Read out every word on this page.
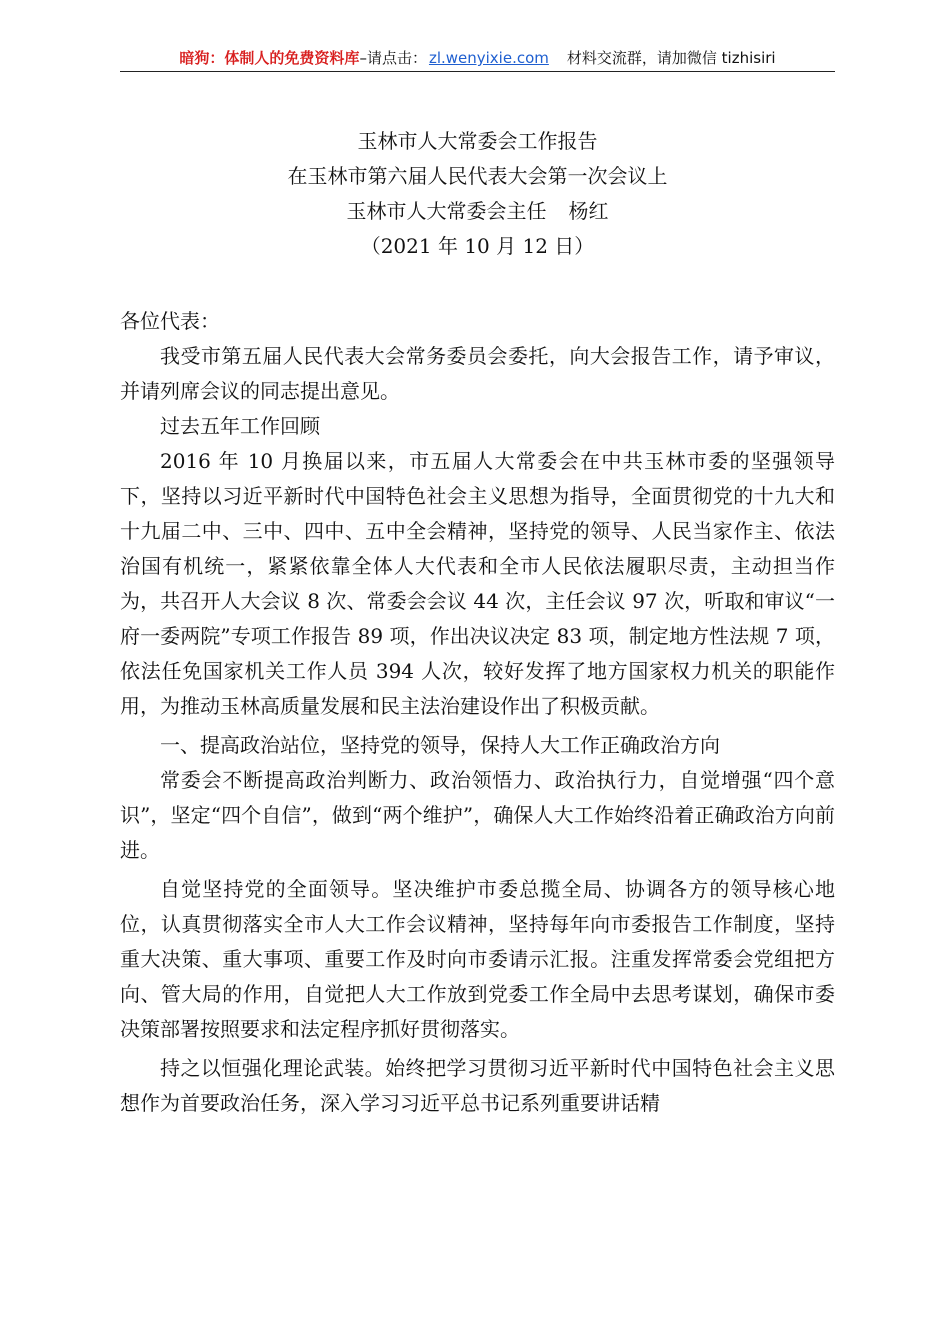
暗狗：体制人的免费资料库–请点击： zl.wenyixie.com 材料交流群，请加微信 tizhisiri
玉林市人大常委会工作报告
在玉林市第六届人民代表大会第一次会议上
玉林市人大常委会主任 杨红
（2021 年 10 月 12 日）

各位代表：

我受市第五届人民代表大会常务委员会委托，向大会报告工作，请予审议，并请列席会议的同志提出意见。

过去五年工作回顾

2016 年 10 月换届以来，市五届人大常委会在中共玉林市委的坚强领导下，坚持以习近平新时代中国特色社会主义思想为指导，全面贯彻党的十九大和十九届二中、三中、四中、五中全会精神，坚持党的领导、人民当家作主、依法治国有机统一，紧紧依靠全体人大代表和全市人民依法履职尽责，主动担当作为，共召开人大会议 8 次、常委会会议 44 次，主任会议 97 次，听取和审议“一府一委两院”专项工作报告 89 项，作出决议决定 83 项，制定地方性法规 7 项，依法任免国家机关工作人员 394 人次，较好发挥了地方国家权力机关的职能作用，为推动玉林高质量发展和民主法治建设作出了积极贡献。

一、提高政治站位，坚持党的领导，保持人大工作正确政治方向

常委会不断提高政治判断力、政治领悟力、政治执行力，自觉增强“四个意识”，坚定“四个自信”，做到“两个维护”，确保人大工作始终沿着正确政治方向前进。

自觉坚持党的全面领导。坚决维护市委总揽全局、协调各方的领导核心地位，认真贯彻落实全市人大工作会议精神，坚持每年向市委报告工作制度，坚持重大决策、重大事项、重要工作及时向市委请示汇报。注重发挥常委会党组把方向、管大局的作用，自觉把人大工作放到党委工作全局中去思考谋划，确保市委决策部署按照要求和法定程序抓好贯彻落实。

持之以恒强化理论武装。始终把学习贯彻习近平新时代中国特色社会主义思想作为首要政治任务，深入学习习近平总书记系列重要讲话精
